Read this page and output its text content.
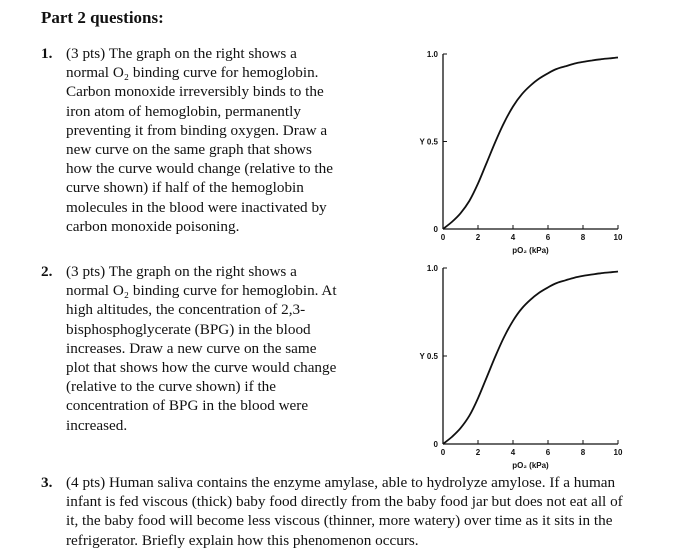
Part 2 questions:
1. (3 pts) The graph on the right shows a
normal O₂ binding curve for hemoglobin.
Carbon monoxide irreversibly binds to the
iron atom of hemoglobin, permanently
preventing it from binding oxygen. Draw a
new curve on the same graph that shows
how the curve would change (relative to the
curve shown) if half of the hemoglobin
molecules in the blood were inactivated by
carbon monoxide poisoning.
2. (3 pts) The graph on the right shows a
normal O₂ binding curve for hemoglobin. At
high altitudes, the concentration of 2,3-
bisphosphoglycerate (BPG) in the blood
increases. Draw a new curve on the same
plot that shows how the curve would change
(relative to the curve shown) if the
concentration of BPG in the blood were
increased.
3. (4 pts) Human saliva contains the enzyme amylase, able to hydrolyze amylose. If a human
infant is fed viscous (thick) baby food directly from the baby food jar but does not eat all of
it, the baby food will become less viscous (thinner, more watery) over time as it sits in the
refrigerator. Briefly explain how this phenomenon occurs.
0	2	4	6	8	10
0
Y 0.5
1.0
pO₂ (kPa)
0	2	4	6	8	10
0
Y 0.5
1.0
pO₂ (kPa)
